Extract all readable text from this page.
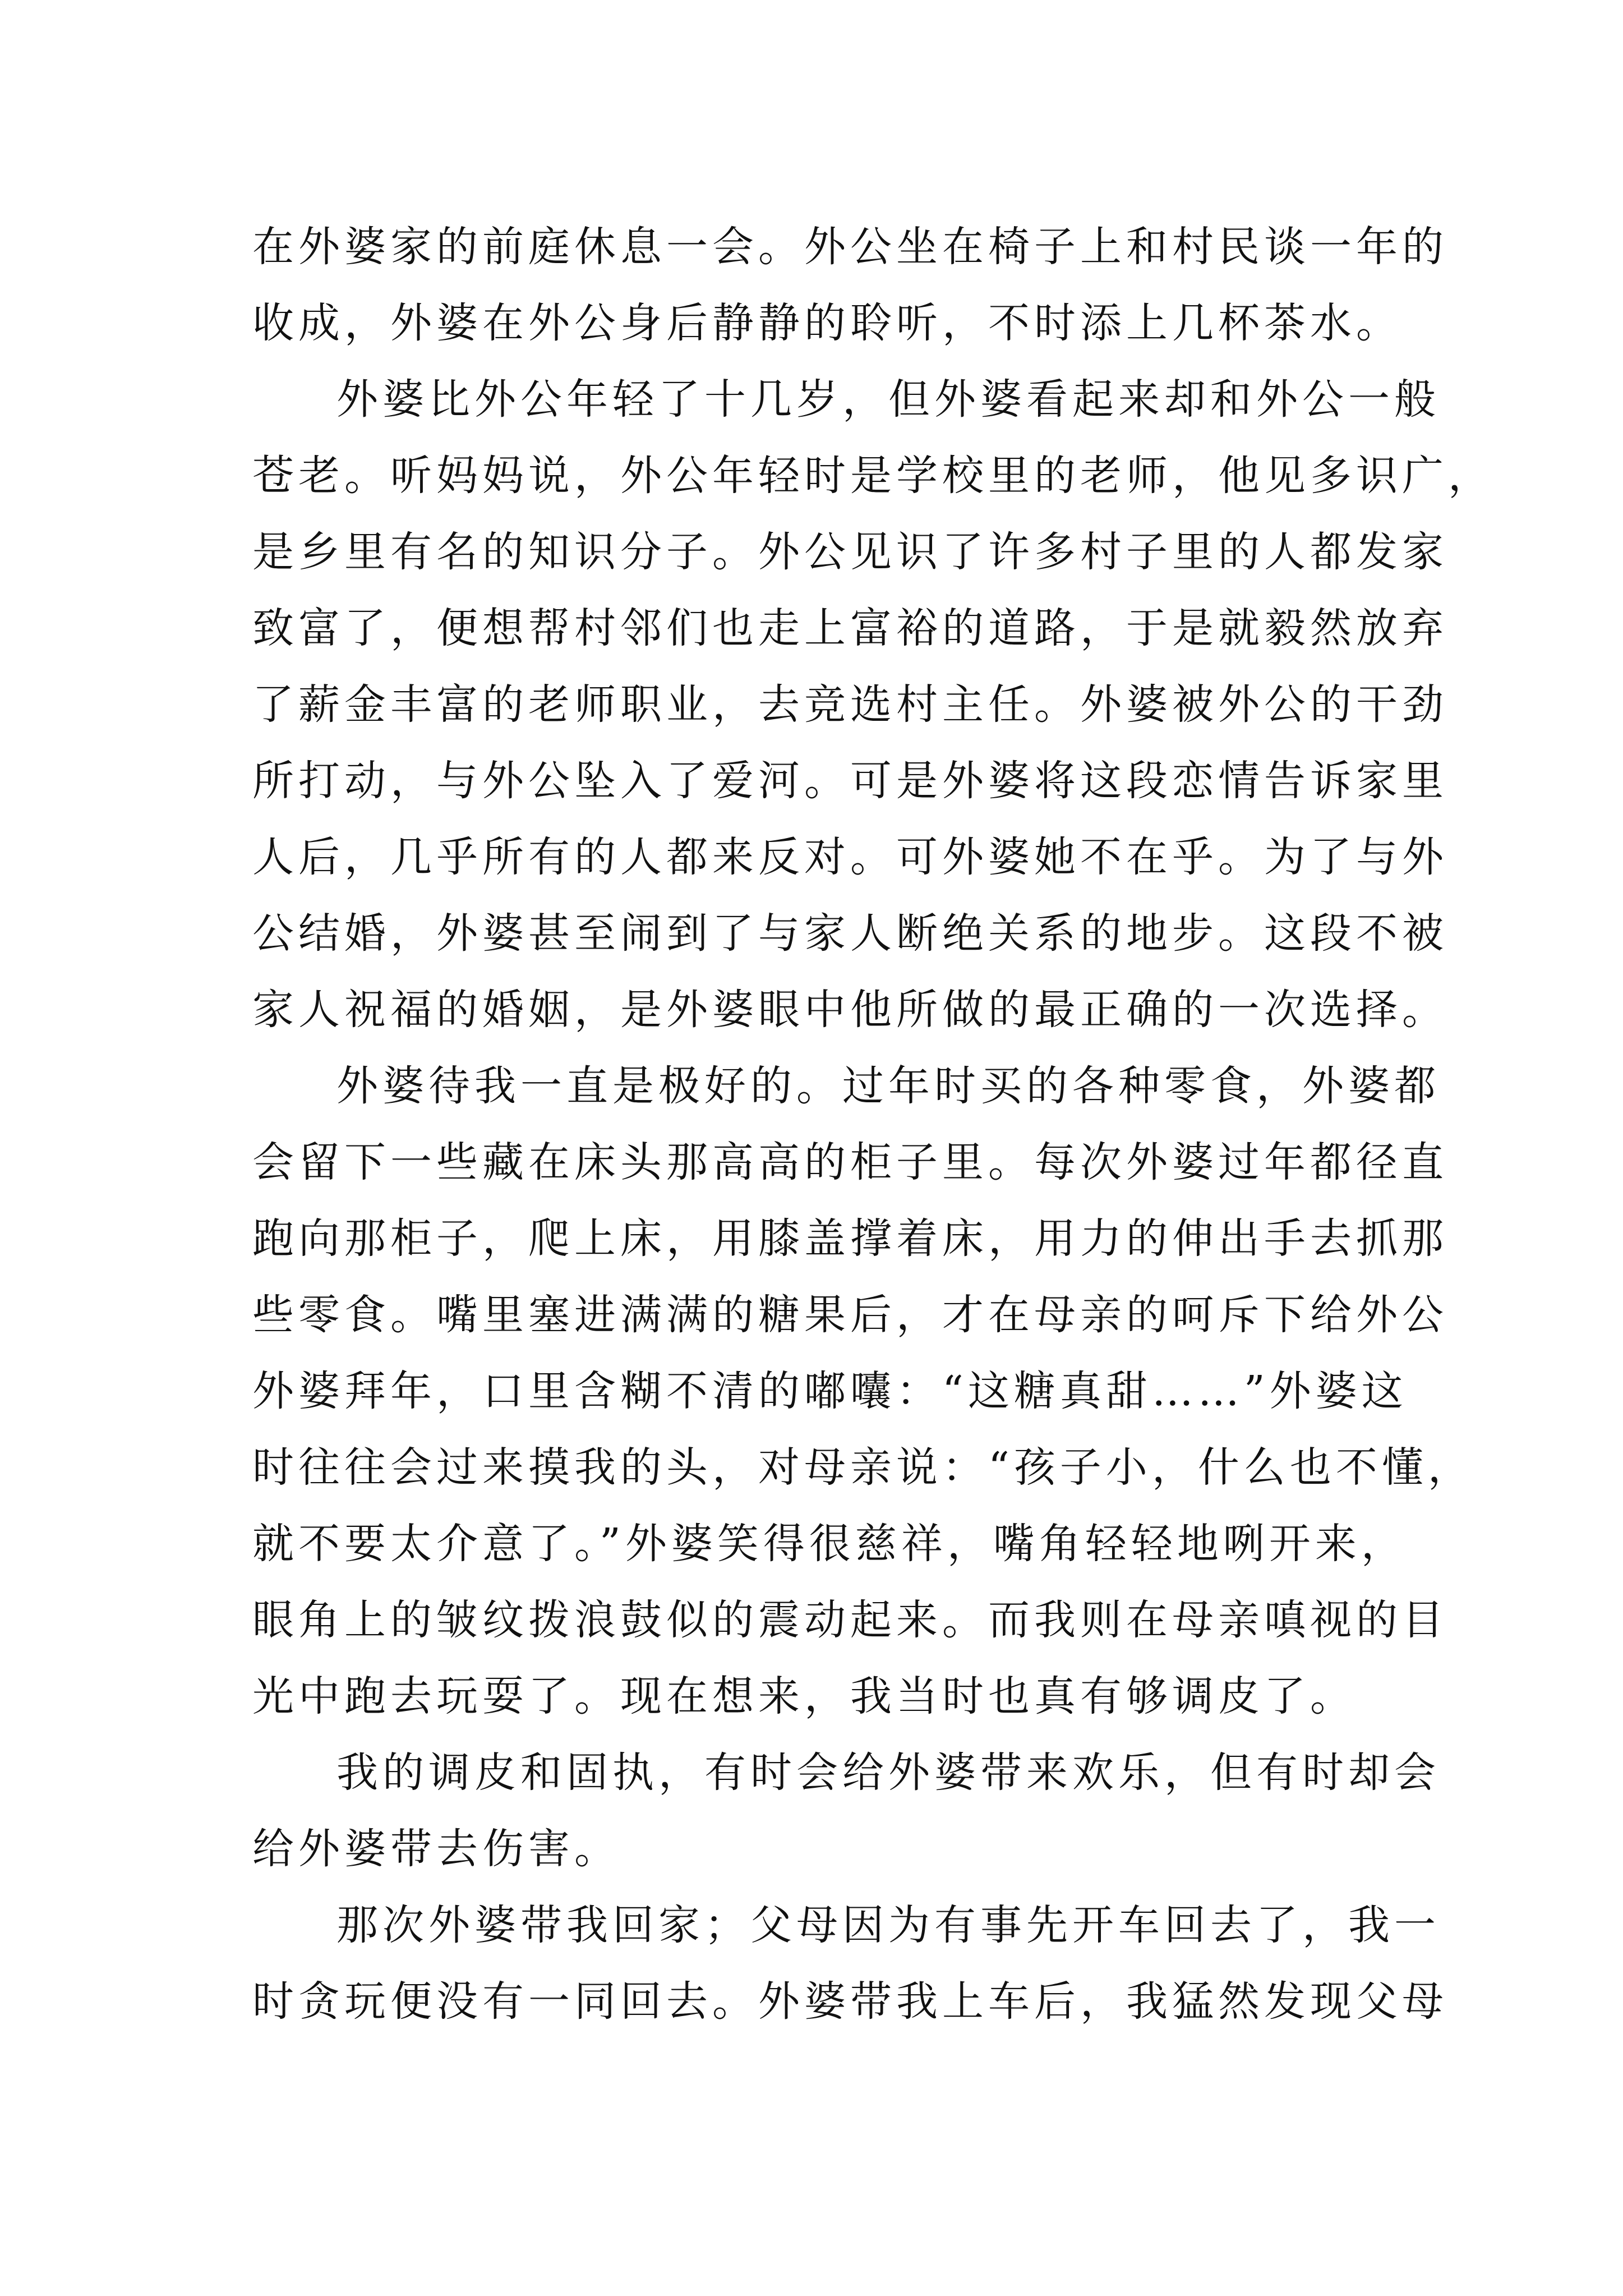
在外婆家的前庭休息一会。外公坐在椅子上和村民谈一年的
收成，外婆在外公身后静静的聆听，不时添上几杯茶水。
外婆比外公年轻了十几岁，但外婆看起来却和外公一般
苍老。听妈妈说，外公年轻时是学校里的老师，他见多识广，
是乡里有名的知识分子。外公见识了许多村子里的人都发家
致富了，便想帮村邻们也走上富裕的道路，于是就毅然放弃
了薪金丰富的老师职业，去竞选村主任。外婆被外公的干劲
所打动，与外公坠入了爱河。可是外婆将这段恋情告诉家里
人后，几乎所有的人都来反对。可外婆她不在乎。为了与外
公结婚，外婆甚至闹到了与家人断绝关系的地步。这段不被
家人祝福的婚姻，是外婆眼中他所做的最正确的一次选择。
外婆待我一直是极好的。过年时买的各种零食，外婆都
会留下一些藏在床头那高高的柜子里。每次外婆过年都径直
跑向那柜子，爬上床，用膝盖撑着床，用力的伸出手去抓那
些零食。嘴里塞进满满的糖果后，才在母亲的呵斥下给外公
外婆拜年，口里含糊不清的嘟囔：“这糖真甜……”外婆这
时往往会过来摸我的头，对母亲说：“孩子小，什么也不懂，
就不要太介意了。”外婆笑得很慈祥，嘴角轻轻地咧开来，
眼角上的皱纹拨浪鼓似的震动起来。而我则在母亲嗔视的目
光中跑去玩耍了。现在想来，我当时也真有够调皮了。
我的调皮和固执，有时会给外婆带来欢乐，但有时却会
给外婆带去伤害。
那次外婆带我回家；父母因为有事先开车回去了，我一
时贪玩便没有一同回去。外婆带我上车后，我猛然发现父母
